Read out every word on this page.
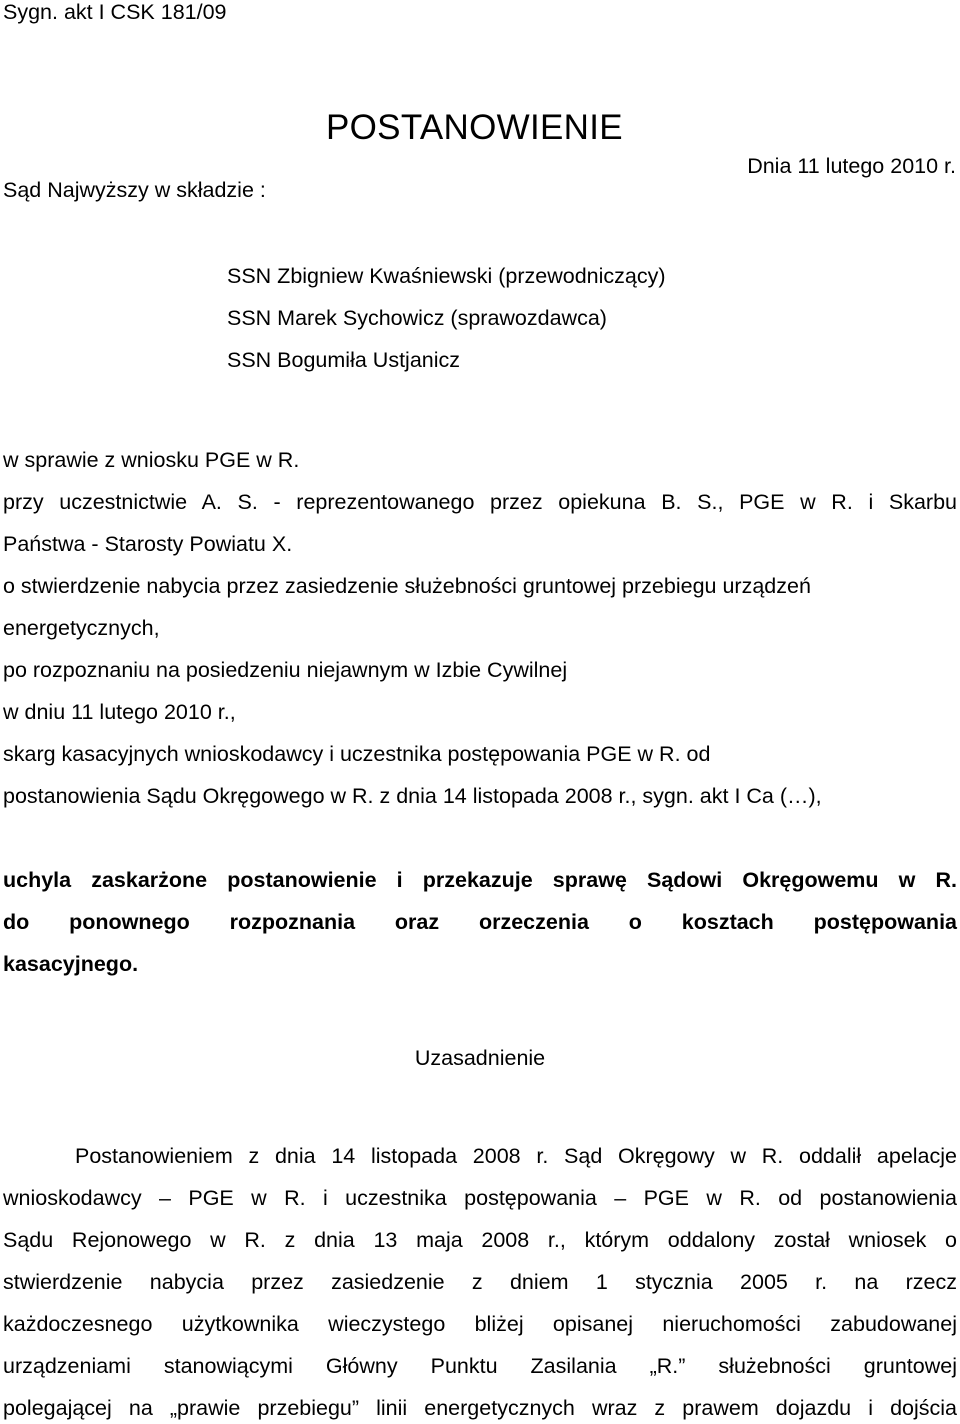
Sygn. akt I CSK 181/09
POSTANOWIENIE
Sąd Najwyższy w składzie :
Dnia 11 lutego 2010 r.
SSN Zbigniew Kwaśniewski (przewodniczący)
SSN Marek Sychowicz (sprawozdawca)
SSN Bogumiła Ustjanicz
w sprawie z wniosku PGE w R.
przy uczestnictwie A. S. - reprezentowanego przez opiekuna B. S., PGE w R. i Skarbu
Państwa - Starosty Powiatu X.
o stwierdzenie nabycia przez zasiedzenie służebności gruntowej przebiegu urządzeń
energetycznych,
po rozpoznaniu na posiedzeniu niejawnym w Izbie Cywilnej
w dniu 11 lutego 2010 r.,
skarg kasacyjnych wnioskodawcy i uczestnika postępowania PGE w R. od
postanowienia Sądu Okręgowego w R. z dnia 14 listopada 2008 r., sygn. akt I Ca (…),
uchyla zaskarżone postanowienie i przekazuje sprawę Sądowi Okręgowemu w R.
do ponownego rozpoznania oraz orzeczenia o kosztach postępowania
kasacyjnego.
Uzasadnienie
Postanowieniem z dnia 14 listopada 2008 r. Sąd Okręgowy w R. oddalił apelacje
wnioskodawcy – PGE w R. i uczestnika postępowania – PGE w R. od postanowienia
Sądu Rejonowego w R. z dnia 13 maja 2008 r., którym oddalony został wniosek o
stwierdzenie nabycia przez zasiedzenie z dniem 1 stycznia 2005 r. na rzecz
każdoczesnego użytkownika wieczystego bliżej opisanej nieruchomości zabudowanej
urządzeniami stanowiącymi Główny Punktu Zasilania „R.” służebności gruntowej
polegającej na „prawie przebiegu” linii energetycznych wraz z prawem dojazdu i dojścia
